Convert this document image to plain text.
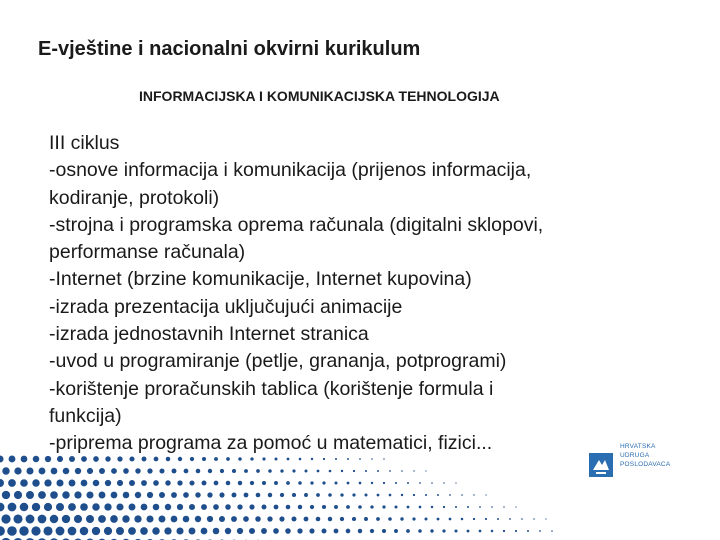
E-vještine i nacionalni okvirni kurikulum
INFORMACIJSKA I KOMUNIKACIJSKA TEHNOLOGIJA
III ciklus
-osnove informacija i komunikacija (prijenos informacija,
kodiranje, protokoli)
-strojna i programska oprema računala (digitalni sklopovi,
performanse računala)
-Internet (brzine komunikacije, Internet kupovina)
-izrada prezentacija uključujući animacije
-izrada jednostavnih Internet stranica
-uvod u programiranje (petlje, grananja, potprogrami)
-korištenje proračunskih tablica (korištenje formula i
funkcija)
-priprema programa za pomoć u matematici, fizici...	HRVATSKA
UDRUGA
POSLODAVACA
